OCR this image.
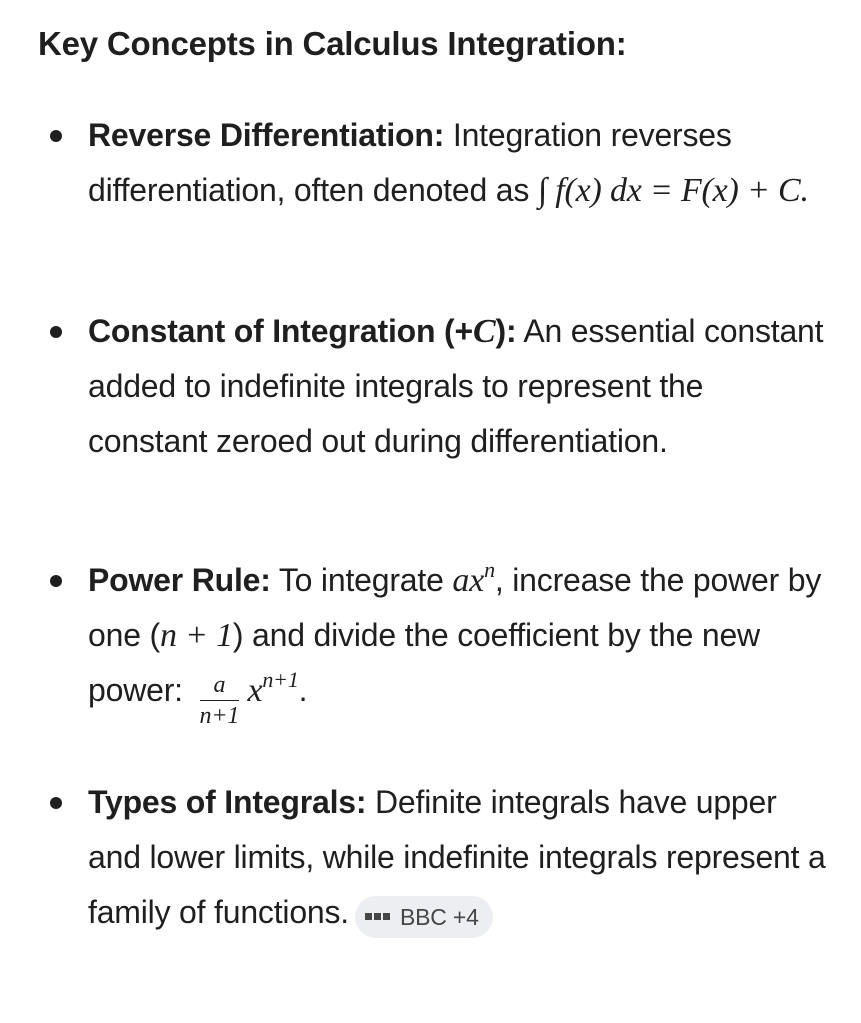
Key Concepts in Calculus Integration:
Reverse Differentiation: Integration reverses differentiation, often denoted as ∫ f(x) dx = F(x) + C.
Constant of Integration (+C): An essential constant added to indefinite integrals to represent the constant zeroed out during differentiation.
Power Rule: To integrate $ax^n$, increase the power by one (n + 1) and divide the coefficient by the new power: $\frac{a}{n+1} x^{n+1}$.
Types of Integrals: Definite integrals have upper and lower limits, while indefinite integrals represent a family of functions. BBC +4
